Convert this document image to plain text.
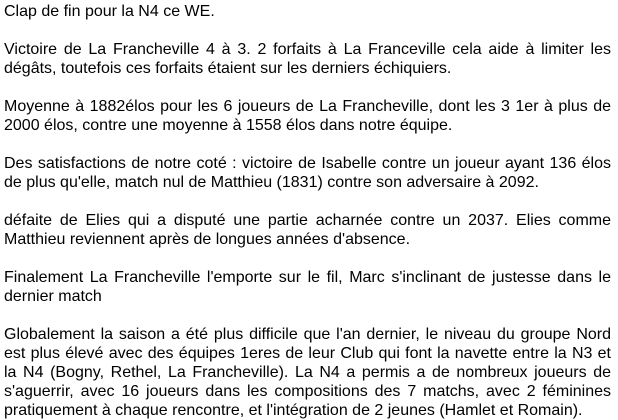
Clap de fin pour la N4 ce WE.

Victoire de La Francheville 4 à 3. 2 forfaits à La Franceville cela aide à limiter les dégâts, toutefois ces forfaits étaient sur les derniers échiquiers.

Moyenne à 1882élos pour les 6 joueurs de La Francheville, dont les 3 1er à plus de 2000 élos, contre une moyenne à 1558 élos dans notre équipe.

Des satisfactions de notre coté : victoire de Isabelle contre un joueur ayant 136 élos de plus qu'elle, match nul de Matthieu (1831) contre son adversaire à 2092.

défaite de Elies qui a disputé une partie acharnée contre un 2037. Elies comme Matthieu reviennent après de longues années d'absence.

Finalement La Francheville l'emporte sur le fil, Marc s'inclinant de justesse dans le dernier match

Globalement la saison a été plus difficile que l'an dernier, le niveau du groupe Nord est plus élevé avec des équipes 1eres de leur Club qui font la navette entre la N3 et la N4 (Bogny, Rethel, La Francheville). La N4 a permis a de nombreux joueurs de s'aguerrir, avec 16 joueurs dans les compositions des 7 matchs, avec 2 féminines pratiquement à chaque rencontre, et l'intégration de 2 jeunes (Hamlet et Romain).
